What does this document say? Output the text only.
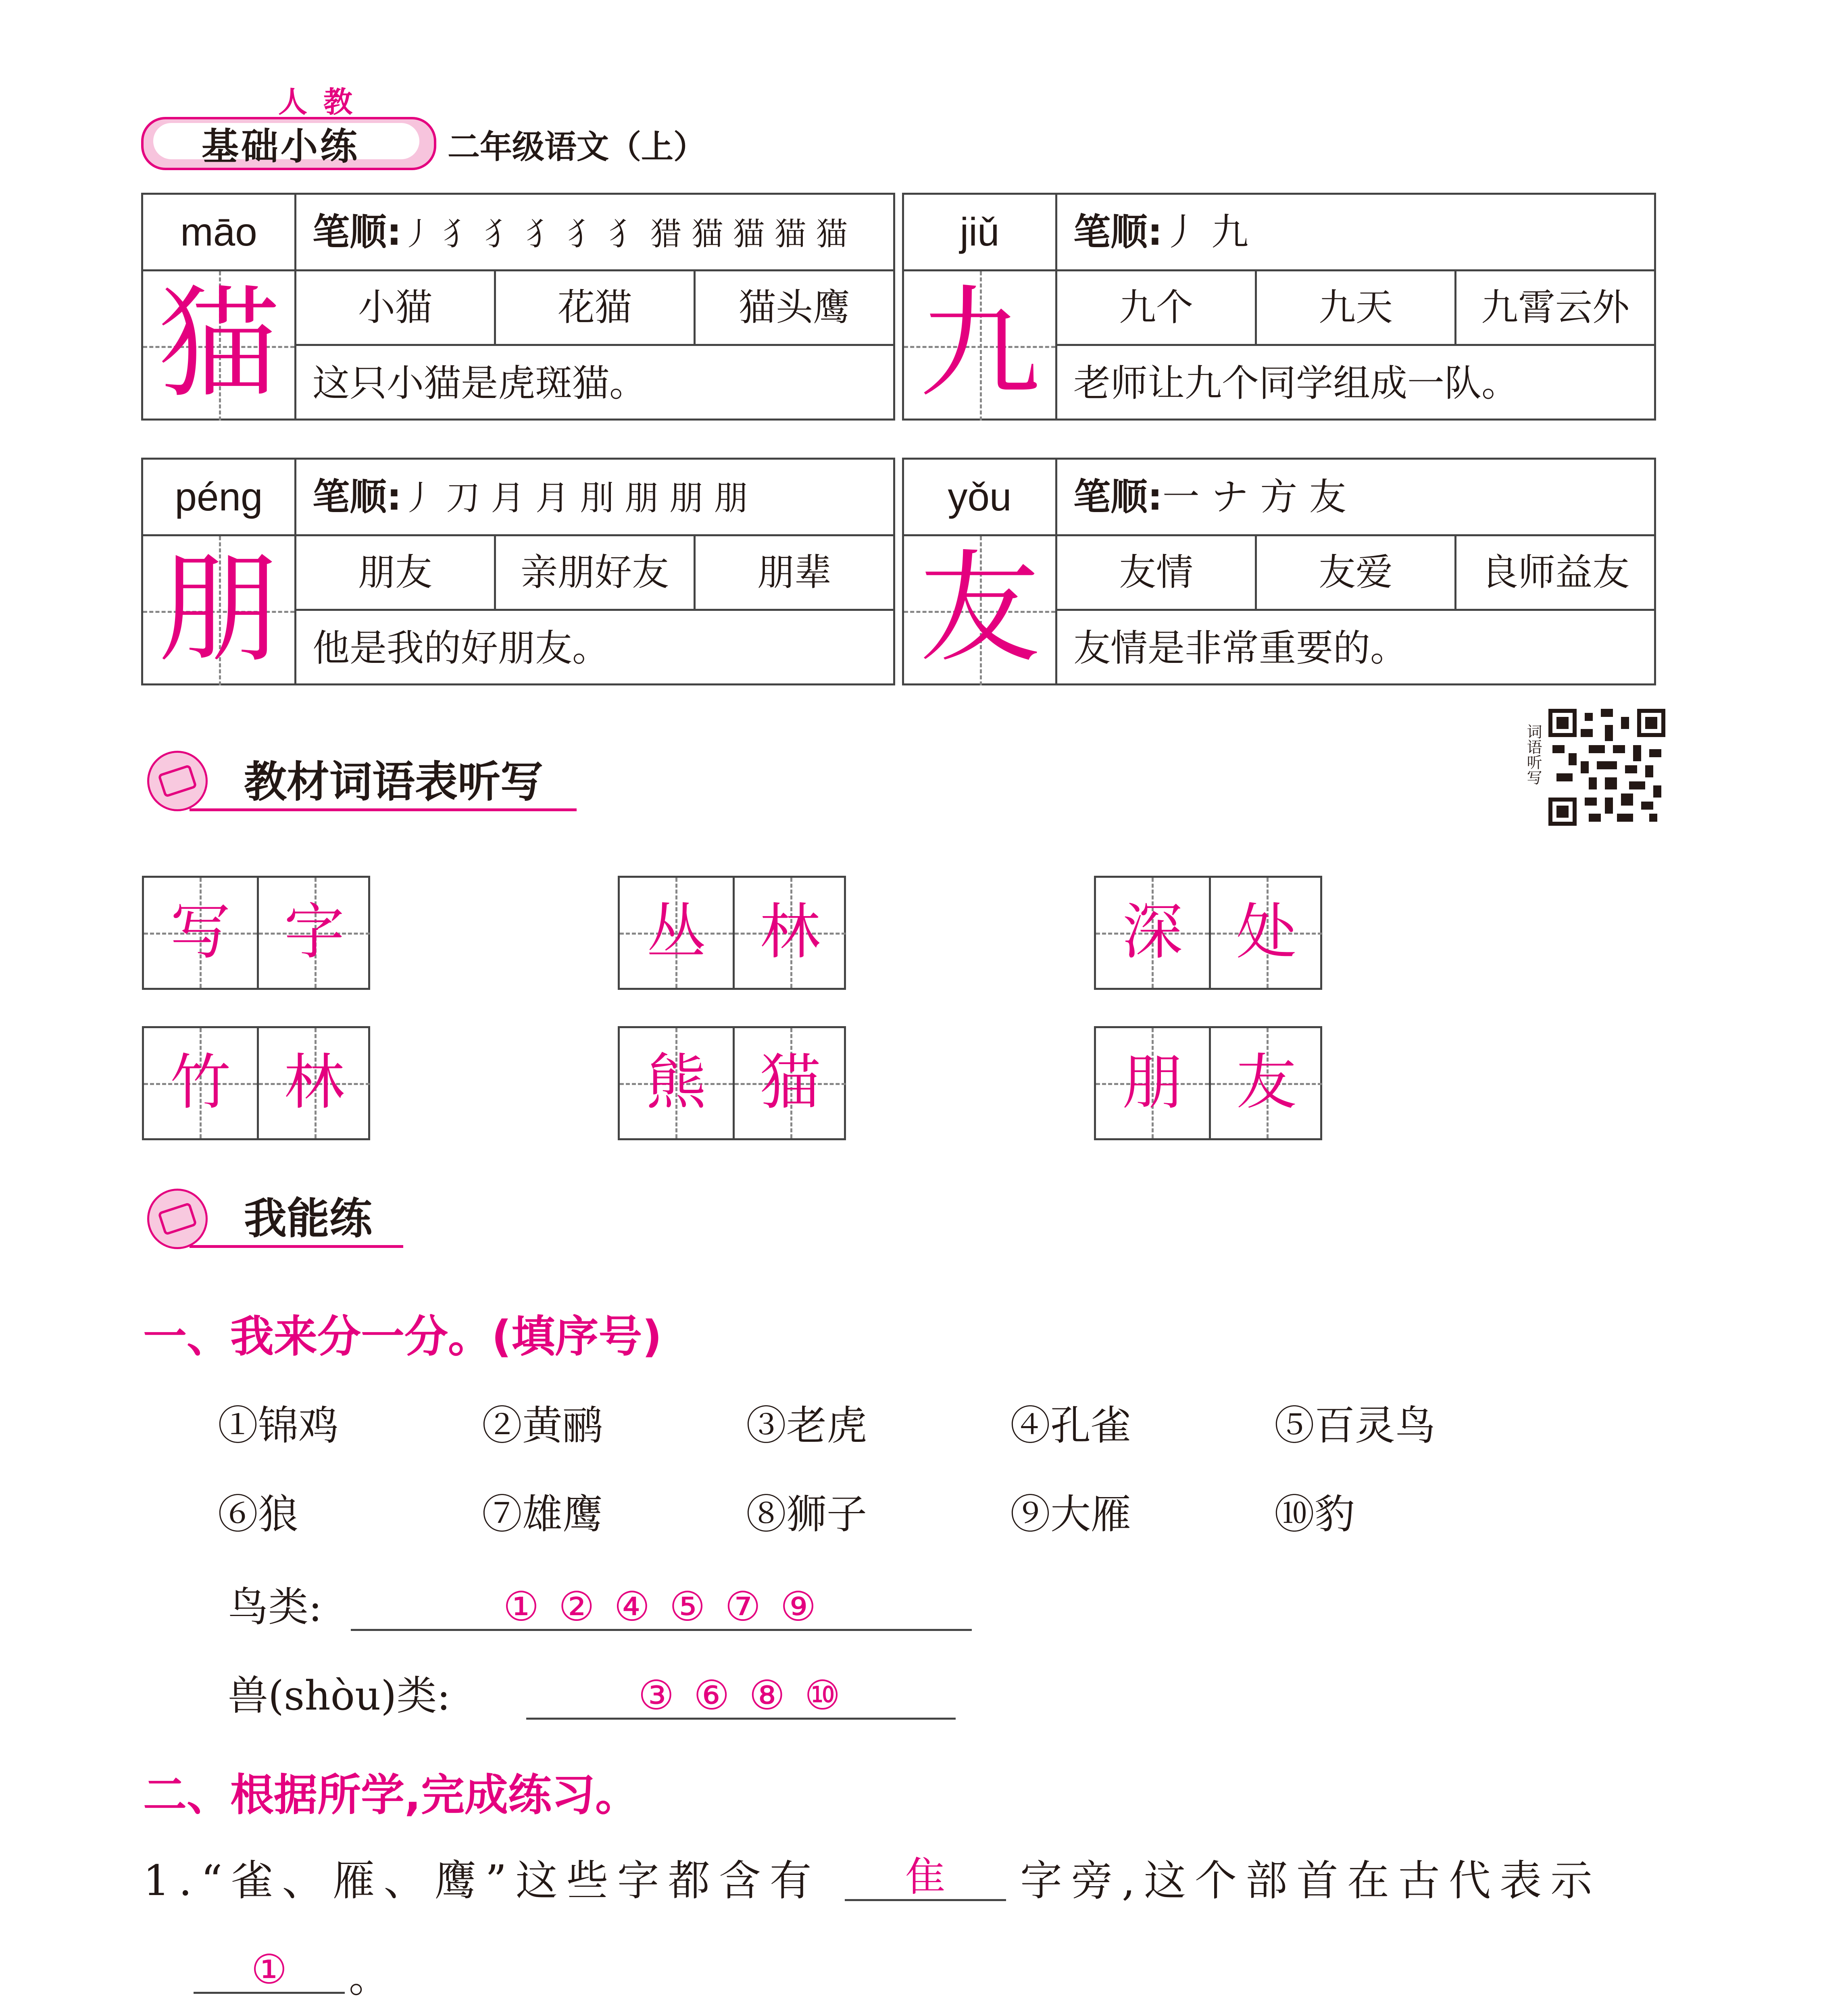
人教
基础小练	二年级语文（上）
māo
猫
笔顺:丿 犭 犭 犭 犭 犭 猎 猫 猫 猫 猫
小猫	花猫	猫头鹰
这只小猫是虎斑猫。
jiǔ
九
笔顺:丿 九
九个	九天	九霄云外
老师让九个同学组成一队。
péng
朋
笔顺:丿 刀 月 月 刖 朋 朋 朋
朋友	亲朋好友	朋辈
他是我的好朋友。
yǒu
友
笔顺:一 ナ 方 友
友情	友爱	良师益友
友情是非常重要的。
教材词语表听写	词语听写
写 字	丛 林	深 处
竹 林	熊 猫	朋 友
我能练
一、我来分一分。(填序号)
①锦鸡	②黄鹂	③老虎	④孔雀	⑤百灵鸟
⑥狼	⑦雄鹰	⑧狮子	⑨大雁	⑩豹
鸟类:	① ② ④ ⑤ ⑦ ⑨
兽(shòu)类:	③ ⑥ ⑧ ⑩
二、根据所学,完成练习。
1.“雀、雁、鹰”这些字都含有	隹	字旁,这个部首在古代表示
①	。
